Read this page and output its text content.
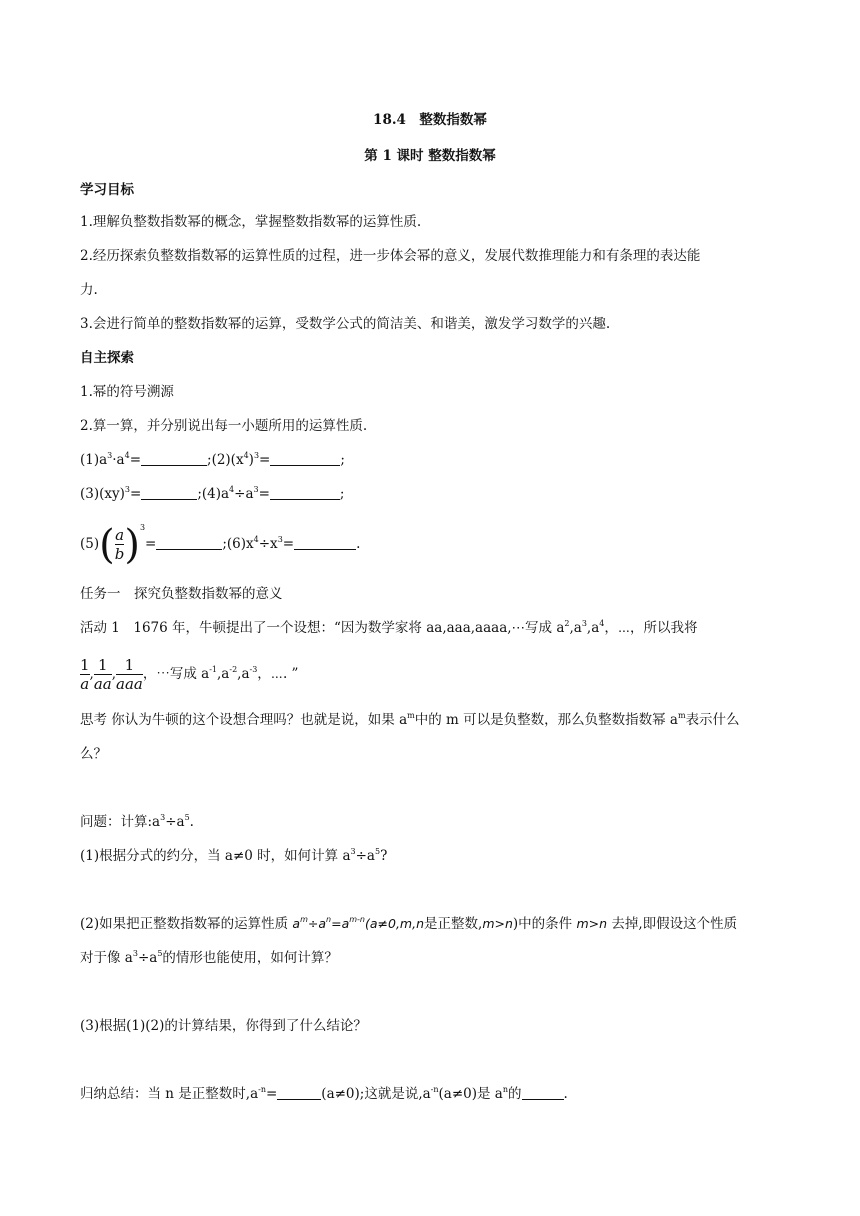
18.4　整数指数幂
第 1 课时 整数指数幂
学习目标
1.理解负整数指数幂的概念，掌握整数指数幂的运算性质.
2.经历探索负整数指数幂的运算性质的过程，进一步体会幂的意义，发展代数推理能力和有条理的表达能
力.
3.会进行简单的整数指数幂的运算，受数学公式的简洁美、和谐美，激发学习数学的兴趣.
自主探索
1.幂的符号溯源
2.算一算，并分别说出每一小题所用的运算性质.
$(1)a^3\cdot a^4=$	$;(2)(x^4)^3=$	;
(3)(xy)$^3$=	$;(4)a^4\div a^3=$	;
$(5)( \frac{a}{b} )^3=$	$;(6)x^4\div x^3=$	.
任务一　探究负整数指数幂的意义
活动 1　1676 年，牛顿提出了一个设想：“因为数学家将 aa,aaa,aaaa,⋯写成 $a^2,a^3,a^4$，⋯，所以我将
$\frac{1}{a}$ , $\frac{1}{aa}$ , $\frac{1}{\text{aaa}}$ ，⋯写成 $a^{-1},a^{-2},a^{-3}$，⋯. ”
思考 你认为牛顿的这个设想合理吗？也就是说，如果 $a^m$中的 m 可以是负整数，那么负整数指数幂 $a^m$表示什么
么？
问题：计算$:a^3\div a^5$.
(1)根据分式的约分，当 a≠0 时，如何计算 $a^3\div a^5$?
(2)如果把正整数指数幂的运算性质 $a^m\div a^n=a^{m-n}(a\ne 0,m,n$是正整数,m>n)中的条件 m>n 去掉,即假设这个性质
对于像 $a^3\div a^5$的情形也能使用，如何计算？
(3)根据(1)(2)的计算结果，你得到了什么结论？
归纳总结：当 n 是正整数时$,a^{-n}=$	(a≠0);这就是说$,a^{-n}(a\ne 0)$是 $a^n$的	.
